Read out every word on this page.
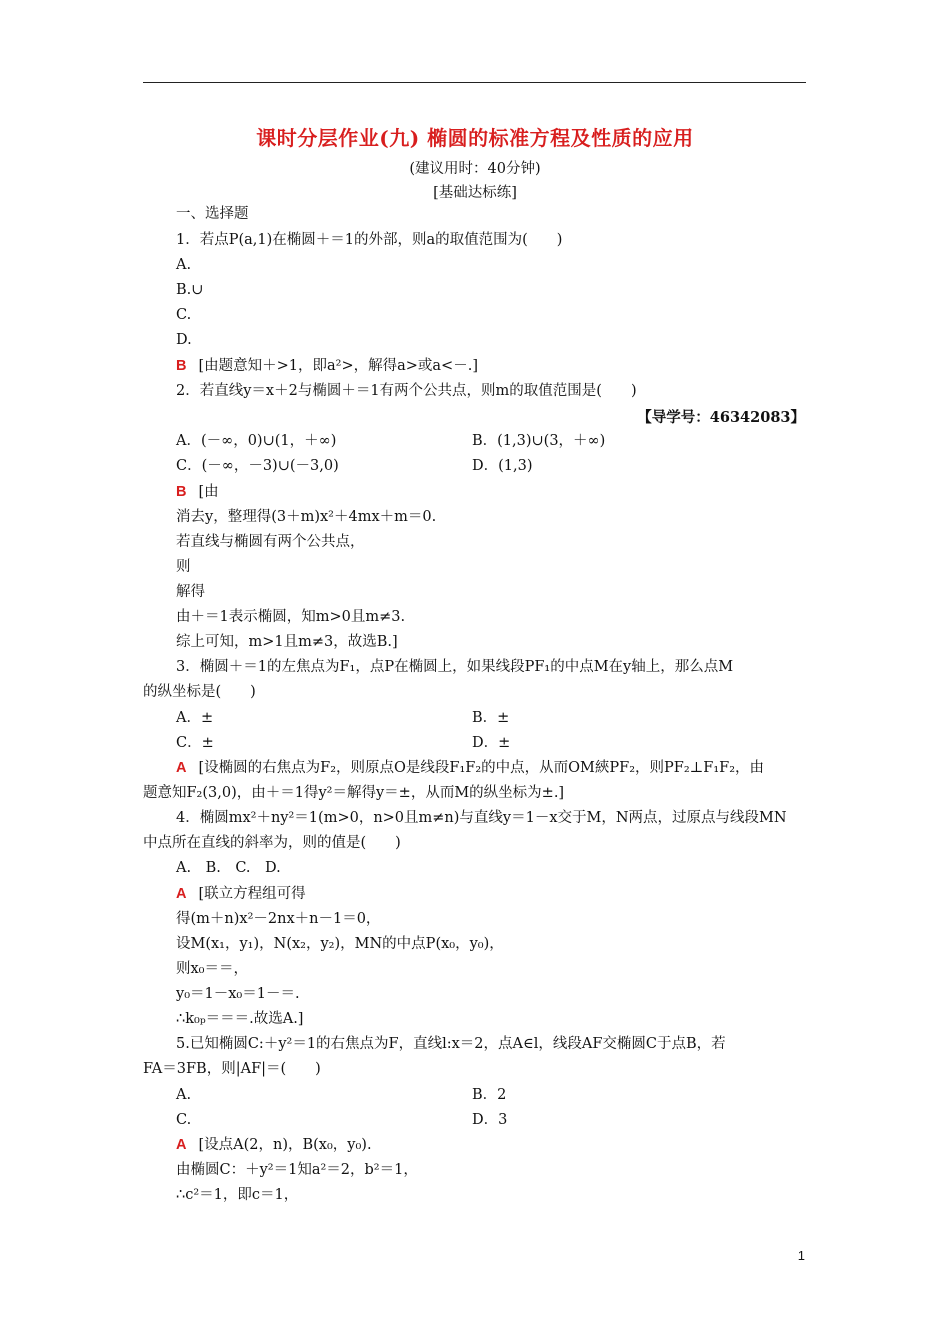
课时分层作业(九) 椭圆的标准方程及性质的应用
(建议用时：40分钟)
[基础达标练]
一、选择题
1．若点P(a,1)在椭圆＋＝1的外部，则a的取值范围为(　　)
A.
B.∪
C.
D.
B [由题意知＋>1，即a²>，解得a>或a<－.]
2．若直线y＝x＋2与椭圆＋＝1有两个公共点，则m的取值范围是(　　)
【导学号：46342083】
A．(－∞，0)∪(1，＋∞)	B．(1,3)∪(3，＋∞)
C．(－∞，－3)∪(－3,0)	D．(1,3)
B [由
消去y，整理得(3＋m)x²＋4mx＋m＝0.
若直线与椭圆有两个公共点，
则
解得
由＋＝1表示椭圆，知m>0且m≠3.
综上可知，m>1且m≠3，故选B.]
3．椭圆＋＝1的左焦点为F₁，点P在椭圆上，如果线段PF₁的中点M在y轴上，那么点M
的纵坐标是(　　)
A．±	B．±
C．±	D．±
A [设椭圆的右焦点为F₂，则原点O是线段F₁F₂的中点，从而OM綊PF₂，则PF₂⊥F₁F₂，由
题意知F₂(3,0)，由＋＝1得y²＝解得y＝±，从而M的纵坐标为±.]
4．椭圆mx²＋ny²＝1(m>0，n>0且m≠n)与直线y＝1－x交于M，N两点，过原点与线段MN
中点所在直线的斜率为，则的值是(　　)
A.　B.　C.　D.
A [联立方程组可得
得(m＋n)x²－2nx＋n－1＝0，
设M(x₁，y₁)，N(x₂，y₂)，MN的中点P(x₀，y₀)，
则x₀＝＝，
y₀＝1－x₀＝1－＝.
∴k₀ₚ＝＝＝.故选A.]
5.已知椭圆C:＋y²＝1的右焦点为F，直线l:x＝2，点A∈l，线段AF交椭圆C于点B，若
FA＝3FB，则|AF|＝(　　)
A.	B．2
C.	D．3
A [设点A(2，n)，B(x₀，y₀).
由椭圆C：＋y²＝1知a²＝2，b²＝1，
∴c²＝1，即c＝1，
1
